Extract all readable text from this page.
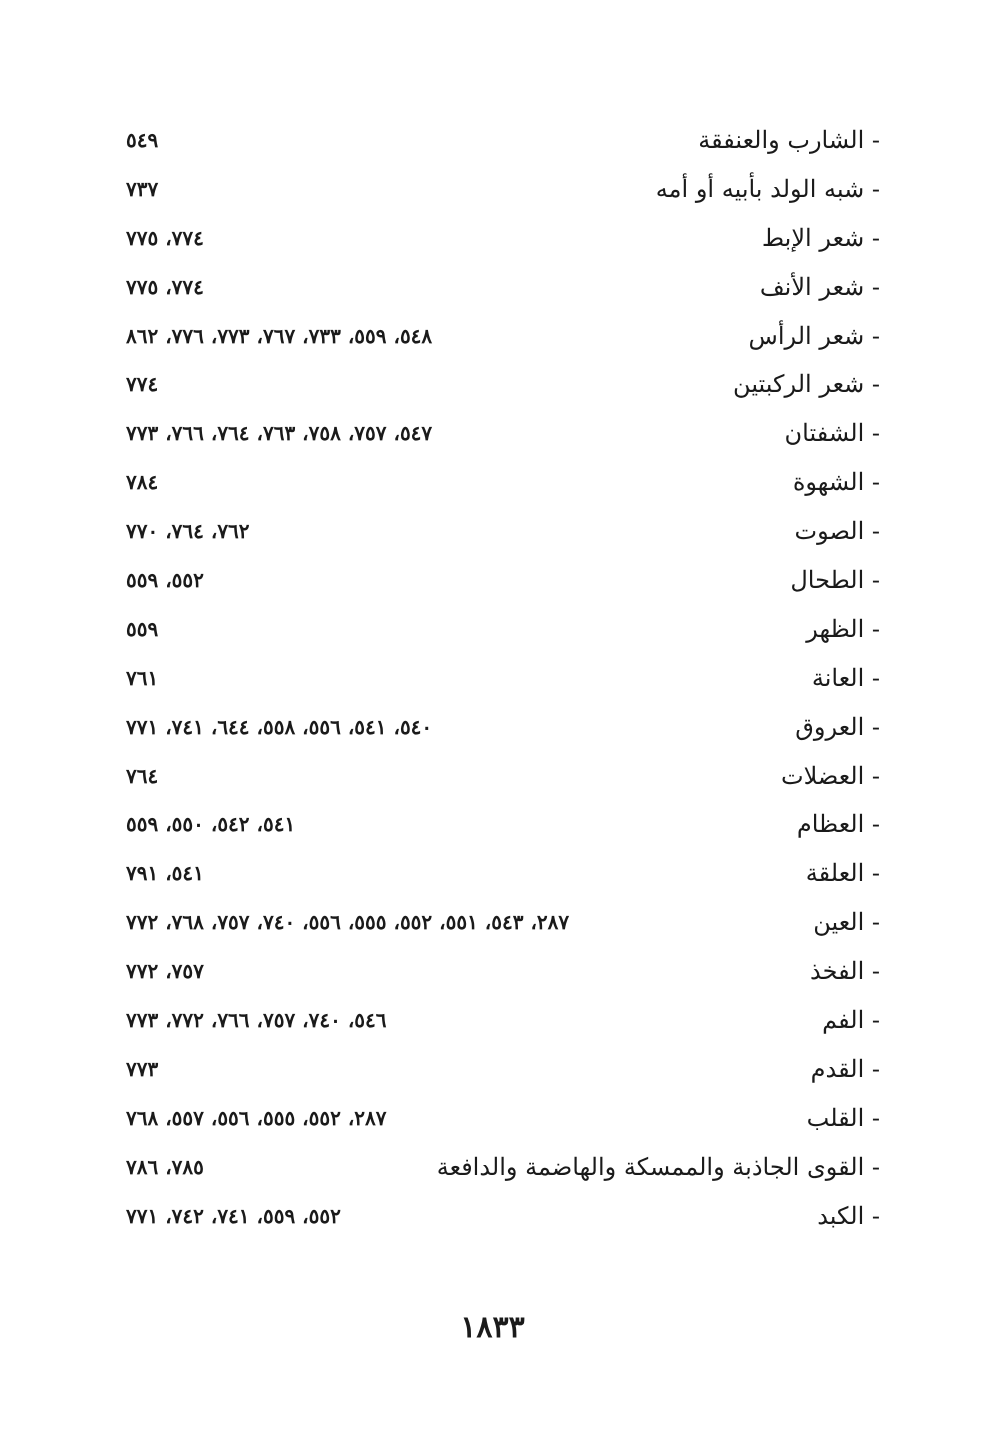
- الشارب والعنفقة
٥٤٩
- شبه الولد بأبيه أو أمه
٧٣٧
- شعر الإبط
٧٧٤، ٧٧٥
- شعر الأنف
٧٧٤، ٧٧٥
- شعر الرأس
٥٤٨، ٥٥٩، ٧٣٣، ٧٦٧، ٧٧٣، ٧٧٦، ٨٦٢
- شعر الركبتين
٧٧٤
- الشفتان
٥٤٧، ٧٥٧، ٧٥٨، ٧٦٣، ٧٦٤، ٧٦٦، ٧٧٣
- الشهوة
٧٨٤
- الصوت
٧٦٢، ٧٦٤، ٧٧٠
- الطحال
٥٥٢، ٥٥٩
- الظهر
٥٥٩
- العانة
٧٦١
- العروق
٥٤٠، ٥٤١، ٥٥٦، ٥٥٨، ٦٤٤، ٧٤١، ٧٧١
- العضلات
٧٦٤
- العظام
٥٤١، ٥٤٢، ٥٥٠، ٥٥٩
- العلقة
٥٤١، ٧٩١
- العين
٢٨٧، ٥٤٣، ٥٥١، ٥٥٢، ٥٥٥، ٥٥٦، ٧٤٠، ٧٥٧، ٧٦٨، ٧٧٢
- الفخذ
٧٥٧، ٧٧٢
- الفم
٥٤٦، ٧٤٠، ٧٥٧، ٧٦٦، ٧٧٢، ٧٧٣
- القدم
٧٧٣
- القلب
٢٨٧، ٥٥٢، ٥٥٥، ٥٥٦، ٥٥٧، ٧٦٨
- القوى الجاذبة والممسكة والهاضمة والدافعة
٧٨٥، ٧٨٦
- الكبد
٥٥٢، ٥٥٩، ٧٤١، ٧٤٢، ٧٧١
١٨٣٣
